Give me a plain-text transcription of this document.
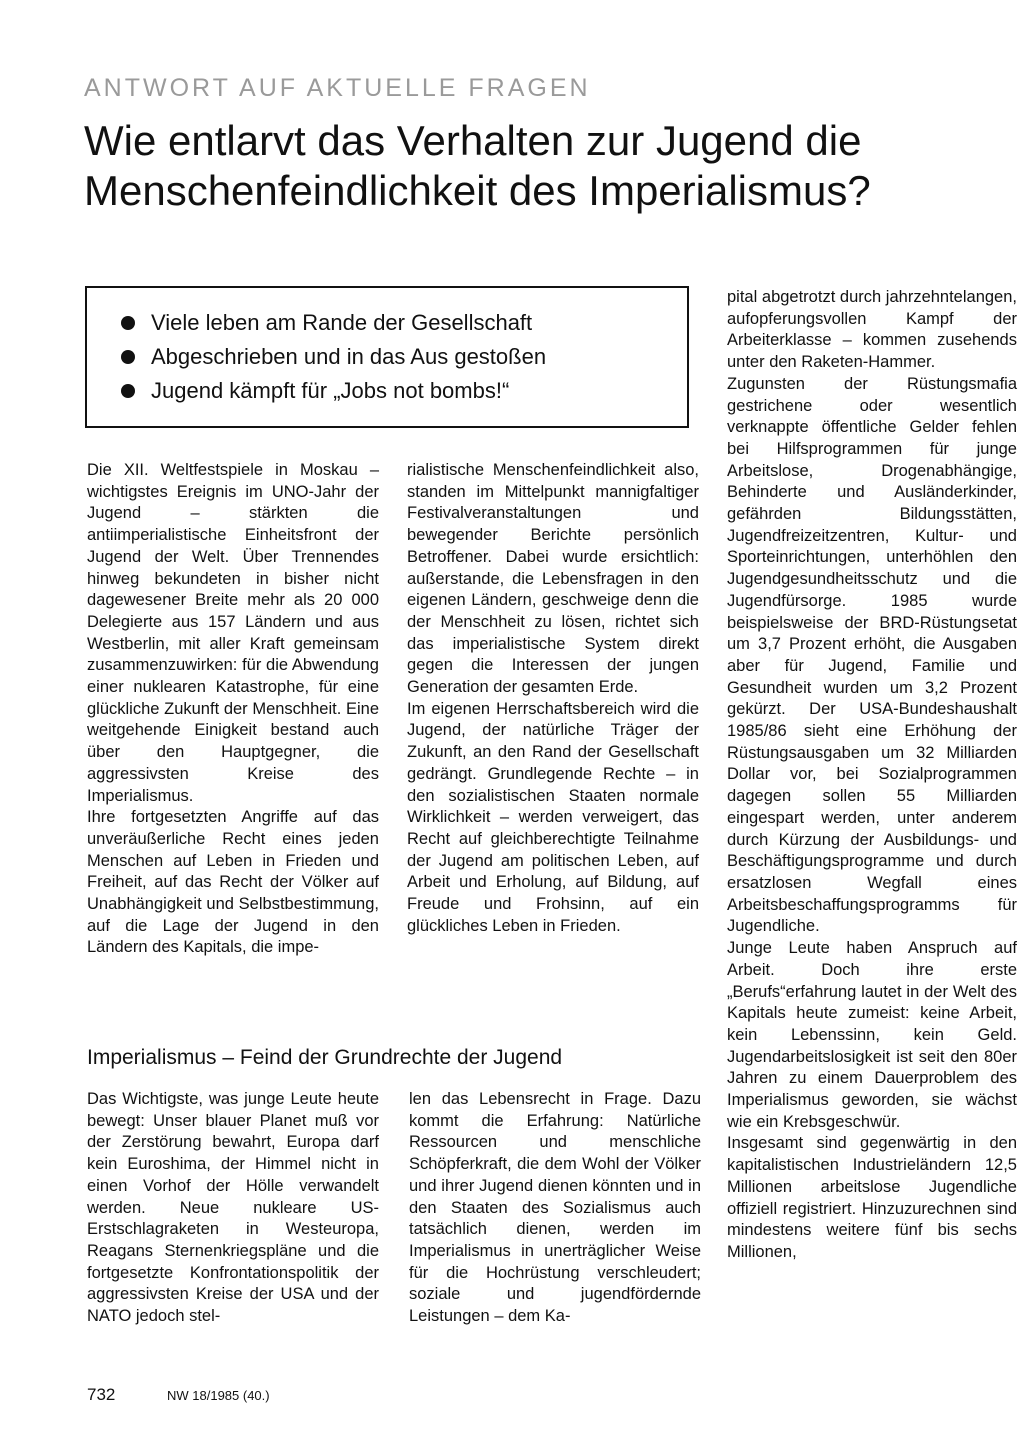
ANTWORT AUF AKTUELLE FRAGEN
Wie entlarvt das Verhalten zur Jugend die
Menschenfeindlichkeit des Imperialismus?
Viele leben am Rande der Gesellschaft
Abgeschrieben und in das Aus gestoßen
Jugend kämpft für „Jobs not bombs!“

Die XII. Weltfestspiele in Moskau – wichtigstes Ereignis im UNO-Jahr der Jugend – stärkten die antiimperialistische Einheitsfront der Jugend der Welt. Über Trennendes hinweg bekundeten in bisher nicht dagewesener Breite mehr als 20 000 Delegierte aus 157 Ländern und aus Westberlin, mit aller Kraft gemeinsam zusammenzuwirken: für die Abwendung einer nuklearen Katastrophe, für eine glückliche Zukunft der Menschheit. Eine weitgehende Einigkeit bestand auch über den Hauptgegner, die aggressivsten Kreise des Imperialismus.

Ihre fortgesetzten Angriffe auf das unveräußerliche Recht eines jeden Menschen auf Leben in Frieden und Freiheit, auf das Recht der Völker auf Unabhängigkeit und Selbstbestimmung, auf die Lage der Jugend in den Ländern des Kapitals, die impe-

rialistische Menschenfeindlichkeit also, standen im Mittelpunkt mannigfaltiger Festivalveranstaltungen und bewegender Berichte persönlich Betroffener. Dabei wurde ersichtlich: außerstande, die Lebensfragen in den eigenen Ländern, geschweige denn die der Menschheit zu lösen, richtet sich das imperialistische System direkt gegen die Interessen der jungen Generation der gesamten Erde.

Im eigenen Herrschaftsbereich wird die Jugend, der natürliche Träger der Zukunft, an den Rand der Gesellschaft gedrängt. Grundlegende Rechte – in den sozialistischen Staaten normale Wirklichkeit – werden verweigert, das Recht auf gleichberechtigte Teilnahme der Jugend am politischen Leben, auf Arbeit und Erholung, auf Bildung, auf Freude und Frohsinn, auf ein glückliches Leben in Frieden.

pital abgetrotzt durch jahrzehntelangen, aufopferungsvollen Kampf der Arbeiterklasse – kommen zusehends unter den Raketen-Hammer.

Zugunsten der Rüstungsmafia gestrichene oder wesentlich verknappte öffentliche Gelder fehlen bei Hilfsprogrammen für junge Arbeitslose, Drogenabhängige, Behinderte und Ausländerkinder, gefährden Bildungsstätten, Jugendfreizeitzentren, Kultur- und Sporteinrichtungen, unterhöhlen den Jugendgesundheitsschutz und die Jugendfürsorge. 1985 wurde beispielsweise der BRD-Rüstungsetat um 3,7 Prozent erhöht, die Ausgaben aber für Jugend, Familie und Gesundheit wurden um 3,2 Prozent gekürzt. Der USA-Bundeshaushalt 1985/86 sieht eine Erhöhung der Rüstungsausgaben um 32 Milliarden Dollar vor, bei Sozialprogrammen dagegen sollen 55 Milliarden eingespart werden, unter anderem durch Kürzung der Ausbildungs- und Beschäftigungsprogramme und durch ersatzlosen Wegfall eines Arbeitsbeschaffungsprogramms für Jugendliche.

Junge Leute haben Anspruch auf Arbeit. Doch ihre erste „Berufs“erfahrung lautet in der Welt des Kapitals heute zumeist: keine Arbeit, kein Lebenssinn, kein Geld. Jugendarbeitslosigkeit ist seit den 80er Jahren zu einem Dauerproblem des Imperialismus geworden, sie wächst wie ein Krebsgeschwür.

Insgesamt sind gegenwärtig in den kapitalistischen Industrieländern 12,5 Millionen arbeitslose Jugendliche offiziell registriert. Hinzuzurechnen sind mindestens weitere fünf bis sechs Millionen,

Imperialismus – Feind der Grundrechte der Jugend

Das Wichtigste, was junge Leute heute bewegt: Unser blauer Planet muß vor der Zerstörung bewahrt, Europa darf kein Euroshima, der Himmel nicht in einen Vorhof der Hölle verwandelt werden. Neue nukleare US-Erstschlagraketen in Westeuropa, Reagans Sternenkriegspläne und die fortgesetzte Konfrontationspolitik der aggressivsten Kreise der USA und der NATO jedoch stel-

len das Lebensrecht in Frage. Dazu kommt die Erfahrung: Natürliche Ressourcen und menschliche Schöpferkraft, die dem Wohl der Völker und ihrer Jugend dienen könnten und in den Staaten des Sozialismus auch tatsächlich dienen, werden im Imperialismus in unerträglicher Weise für die Hochrüstung verschleudert; soziale und jugendfördernde Leistungen – dem Ka-

732	NW 18/1985 (40.)
